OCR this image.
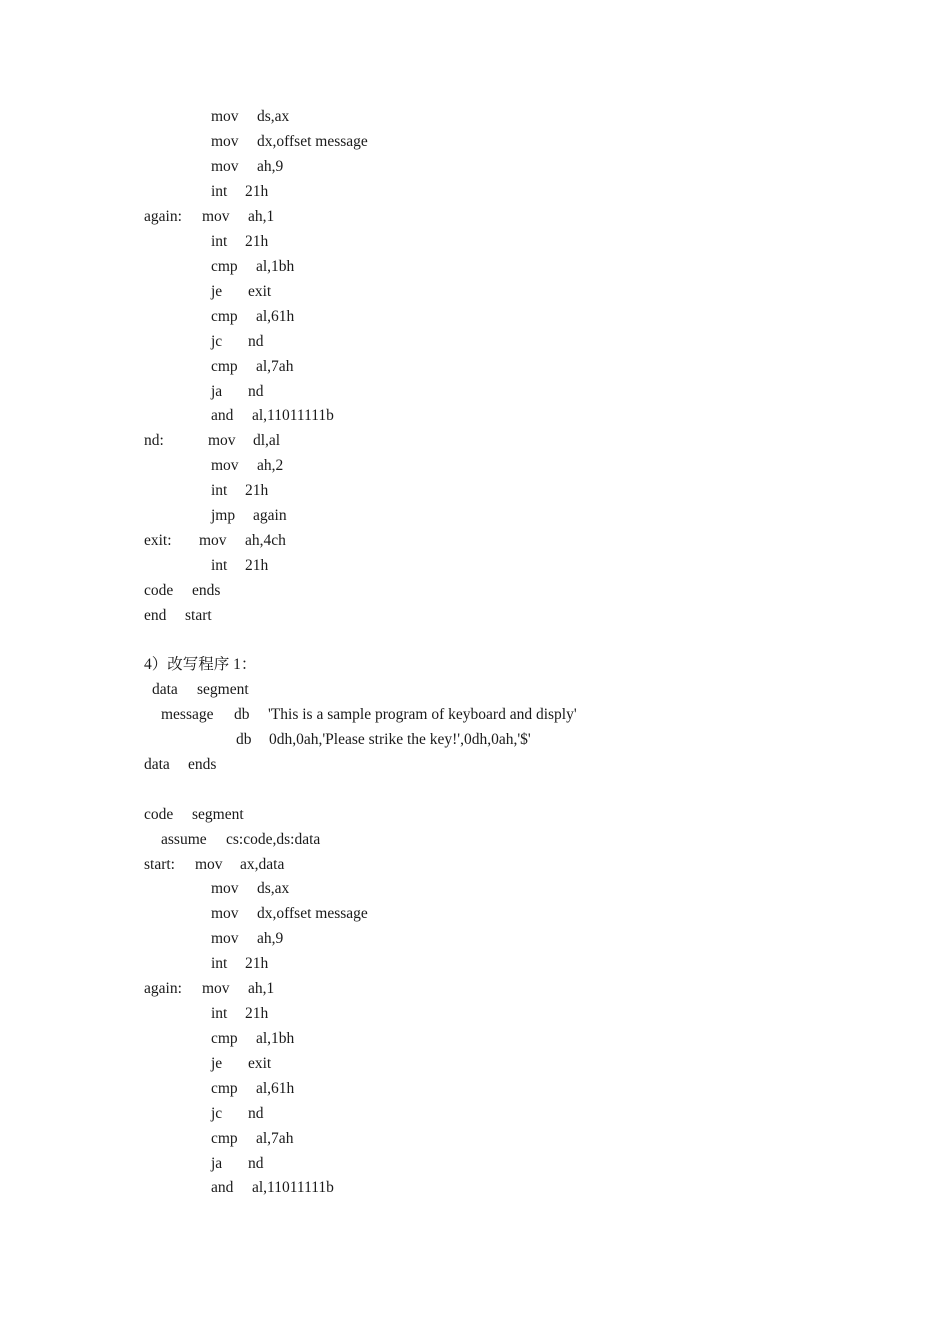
mov ds,ax
mov dx,offset message
mov ah,9
int 21h
again: mov ah,1
int 21h
cmp al,1bh
je exit
cmp al,61h
jc nd
cmp al,7ah
ja nd
and al,11011111b
nd:	mov dl,al
mov ah,2
int 21h
jmp again
exit: mov ah,4ch
int 21h
code ends
end start
4）改写程序 1：
data segment
message db 'This is a sample program of keyboard and disply'
db 0dh,0ah,'Please strike the key!',0dh,0ah,'$'
data ends
code segment
assume cs:code,ds:data
start: mov ax,data
mov ds,ax
mov dx,offset message
mov ah,9
int 21h
again: mov ah,1
int 21h
cmp al,1bh
je exit
cmp al,61h
jc nd
cmp al,7ah
ja nd
and al,11011111b
